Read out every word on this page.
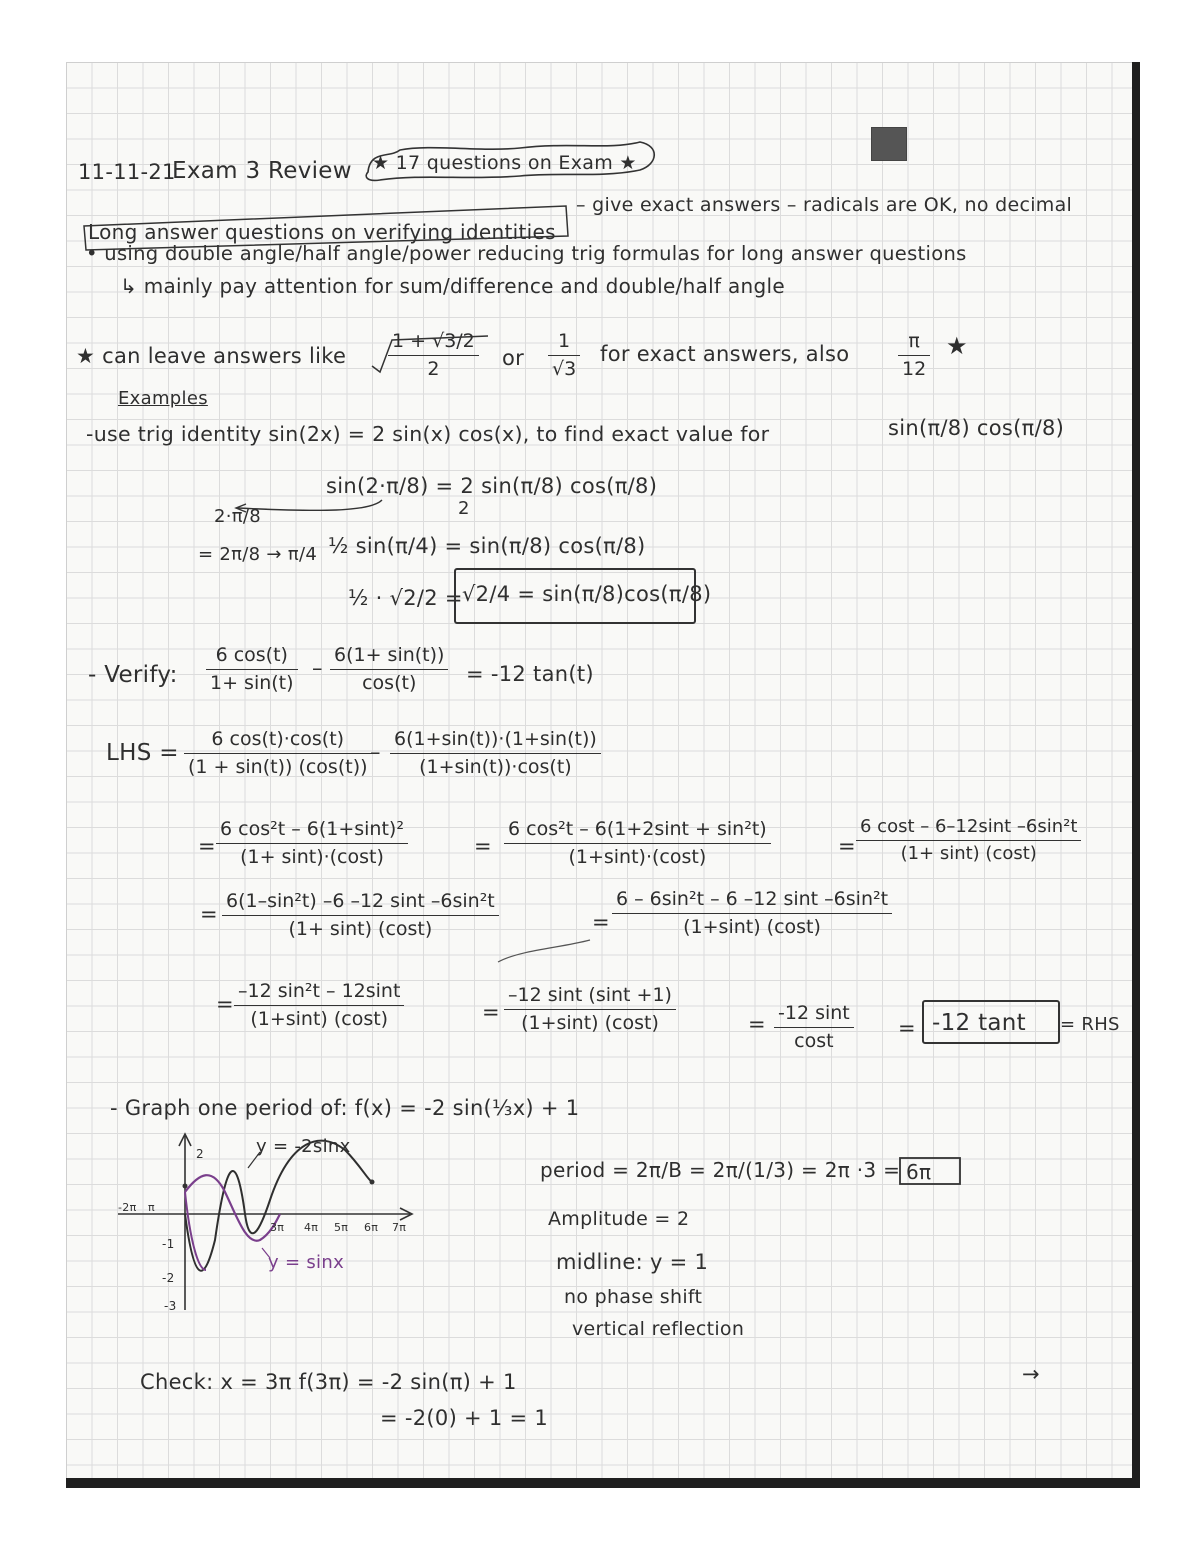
11-11-21
Exam 3 Review ★ 17 questions on Exam ★
Long answer questions on verifying identities
– give exact answers – radicals are OK, no decimal
• using double angle/half angle/power reducing trig formulas for long answer questions
↳ mainly pay attention for sum/difference and double/half angle
★ can leave answers like $\frac{1 + √3/2}{2}$ or $\frac{1}{√3}$ for exact answers, also	$\frac{\pi}{12}$ ★
Examples
-use trig identity sin(2x) = 2 sin(x) cos(x), to find exact value for	sin(π/8) cos(π/8)
sin(2·π/8) = 2 sin(π/8) cos(π/8)
2
2·π/8
= 2π/8 → π/4 ½ sin(π/4) = sin(π/8) cos(π/8)
½ · √2/2 = √2/4 = sin(π/8)cos(π/8)
- Verify: $\frac{6 \cos(t)}{1+ \sin(t)} - \frac{6(1+ \sin(t))}{\cos(t)} = -12$ tan(t)
LHS = $\frac{6 \cos(t)\cdot\cos(t)}{(1 + \sin(t)) (\cos(t))}$
– $\frac{6(1+\sin(t))\cdot(1+\sin(t))}{(1+\sin(t))\cdot\cos(t)}$
= $\frac{\text{6 cos²t – 6(1+sint)²}}{(1+ \sin t)\cdot(\cos t)}$	= $\frac{\text{6 cos²t – 6(1+2sint + sin²t)}}{(1+\sin t)\cdot(\cos t)}$	= $\frac{\text{6 cost – 6–12sint –6sin²t}}{(1+ \sin t) (\cos t)}$
= $\frac{\text{6(1–sin²t) –6 –12 sint –6sin²t}}{(1+ \sin t) (\cos t)}$	= $\frac{\text{6 – 6sin²t – 6 –12 sint –6sin²t}}{(1+\sin t) (\cos t)}$
= $\frac{\text{–12 sin²t – 12sint}}{(1+\sin t) (\cos t)}$	= $\frac{-12 \sin t (\sin t +1)}{(1+\sin t) (\cos t)}$	= $\frac{-12 \sin t}{\cos t} = -12$ tant = RHS
- Graph one period of: f(x) = -2 sin(⅓x) + 1
y = -2sinx
y = sinx
2
-1
-2
-3
-2π π
3π 4π 5π 6π 7π
period = 2π/B = 2π/(1/3) = 2π ·3 = 6π
Amplitude = 2
midline: y = 1
no phase shift
vertical reflection
Check: x = 3π f(3π) = -2 sin(π) + 1
= -2(0) + 1 = 1
→
